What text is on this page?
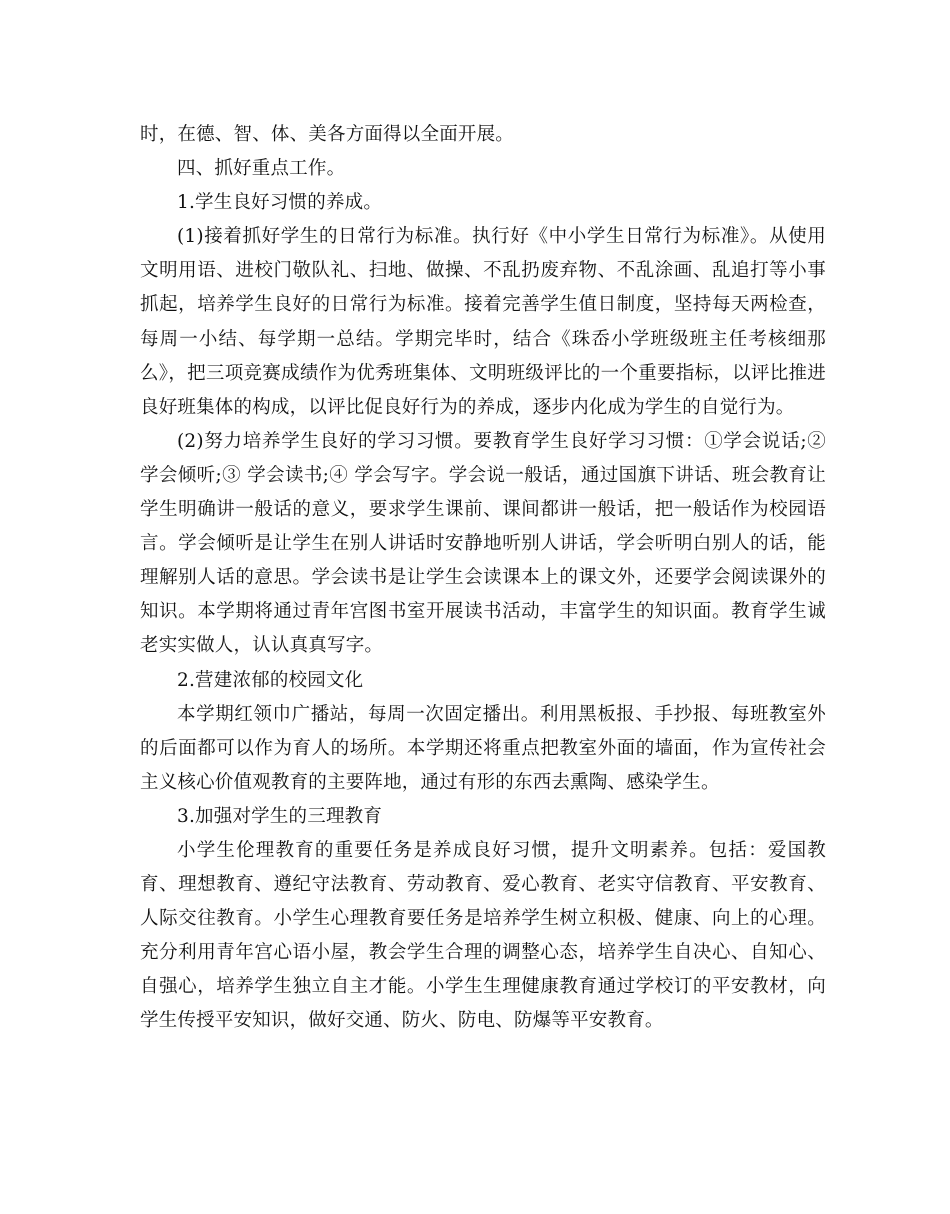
时，在德、智、体、美各方面得以全面开展。

四、抓好重点工作。

1.学生良好习惯的养成。

(1)接着抓好学生的日常行为标准。执行好《中小学生日常行为标准》。从使用文明用语、进校门敬队礼、扫地、做操、不乱扔废弃物、不乱涂画、乱追打等小事抓起，培养学生良好的日常行为标准。接着完善学生值日制度，坚持每天两检查，每周一小结、每学期一总结。学期完毕时，结合《珠岙小学班级班主任考核细那么》，把三项竞赛成绩作为优秀班集体、文明班级评比的一个重要指标，以评比推进良好班集体的构成，以评比促良好行为的养成，逐步内化成为学生的自觉行为。

(2)努力培养学生良好的学习习惯。要教育学生良好学习习惯：①学会说话;②学会倾听;③ 学会读书;④ 学会写字。学会说一般话，通过国旗下讲话、班会教育让学生明确讲一般话的意义，要求学生课前、课间都讲一般话，把一般话作为校园语言。学会倾听是让学生在别人讲话时安静地听别人讲话，学会听明白别人的话，能理解别人话的意思。学会读书是让学生会读课本上的课文外，还要学会阅读课外的知识。本学期将通过青年宫图书室开展读书活动，丰富学生的知识面。教育学生诚老实实做人，认认真真写字。

2.营建浓郁的校园文化

本学期红领巾广播站，每周一次固定播出。利用黑板报、手抄报、每班教室外的后面都可以作为育人的场所。本学期还将重点把教室外面的墙面，作为宣传社会主义核心价值观教育的主要阵地，通过有形的东西去熏陶、感染学生。

3.加强对学生的三理教育

小学生伦理教育的重要任务是养成良好习惯，提升文明素养。包括：爱国教育、理想教育、遵纪守法教育、劳动教育、爱心教育、老实守信教育、平安教育、人际交往教育。小学生心理教育要任务是培养学生树立积极、健康、向上的心理。充分利用青年宫心语小屋，教会学生合理的调整心态，培养学生自决心、自知心、自强心，培养学生独立自主才能。小学生生理健康教育通过学校订的平安教材，向学生传授平安知识，做好交通、防火、防电、防爆等平安教育。
